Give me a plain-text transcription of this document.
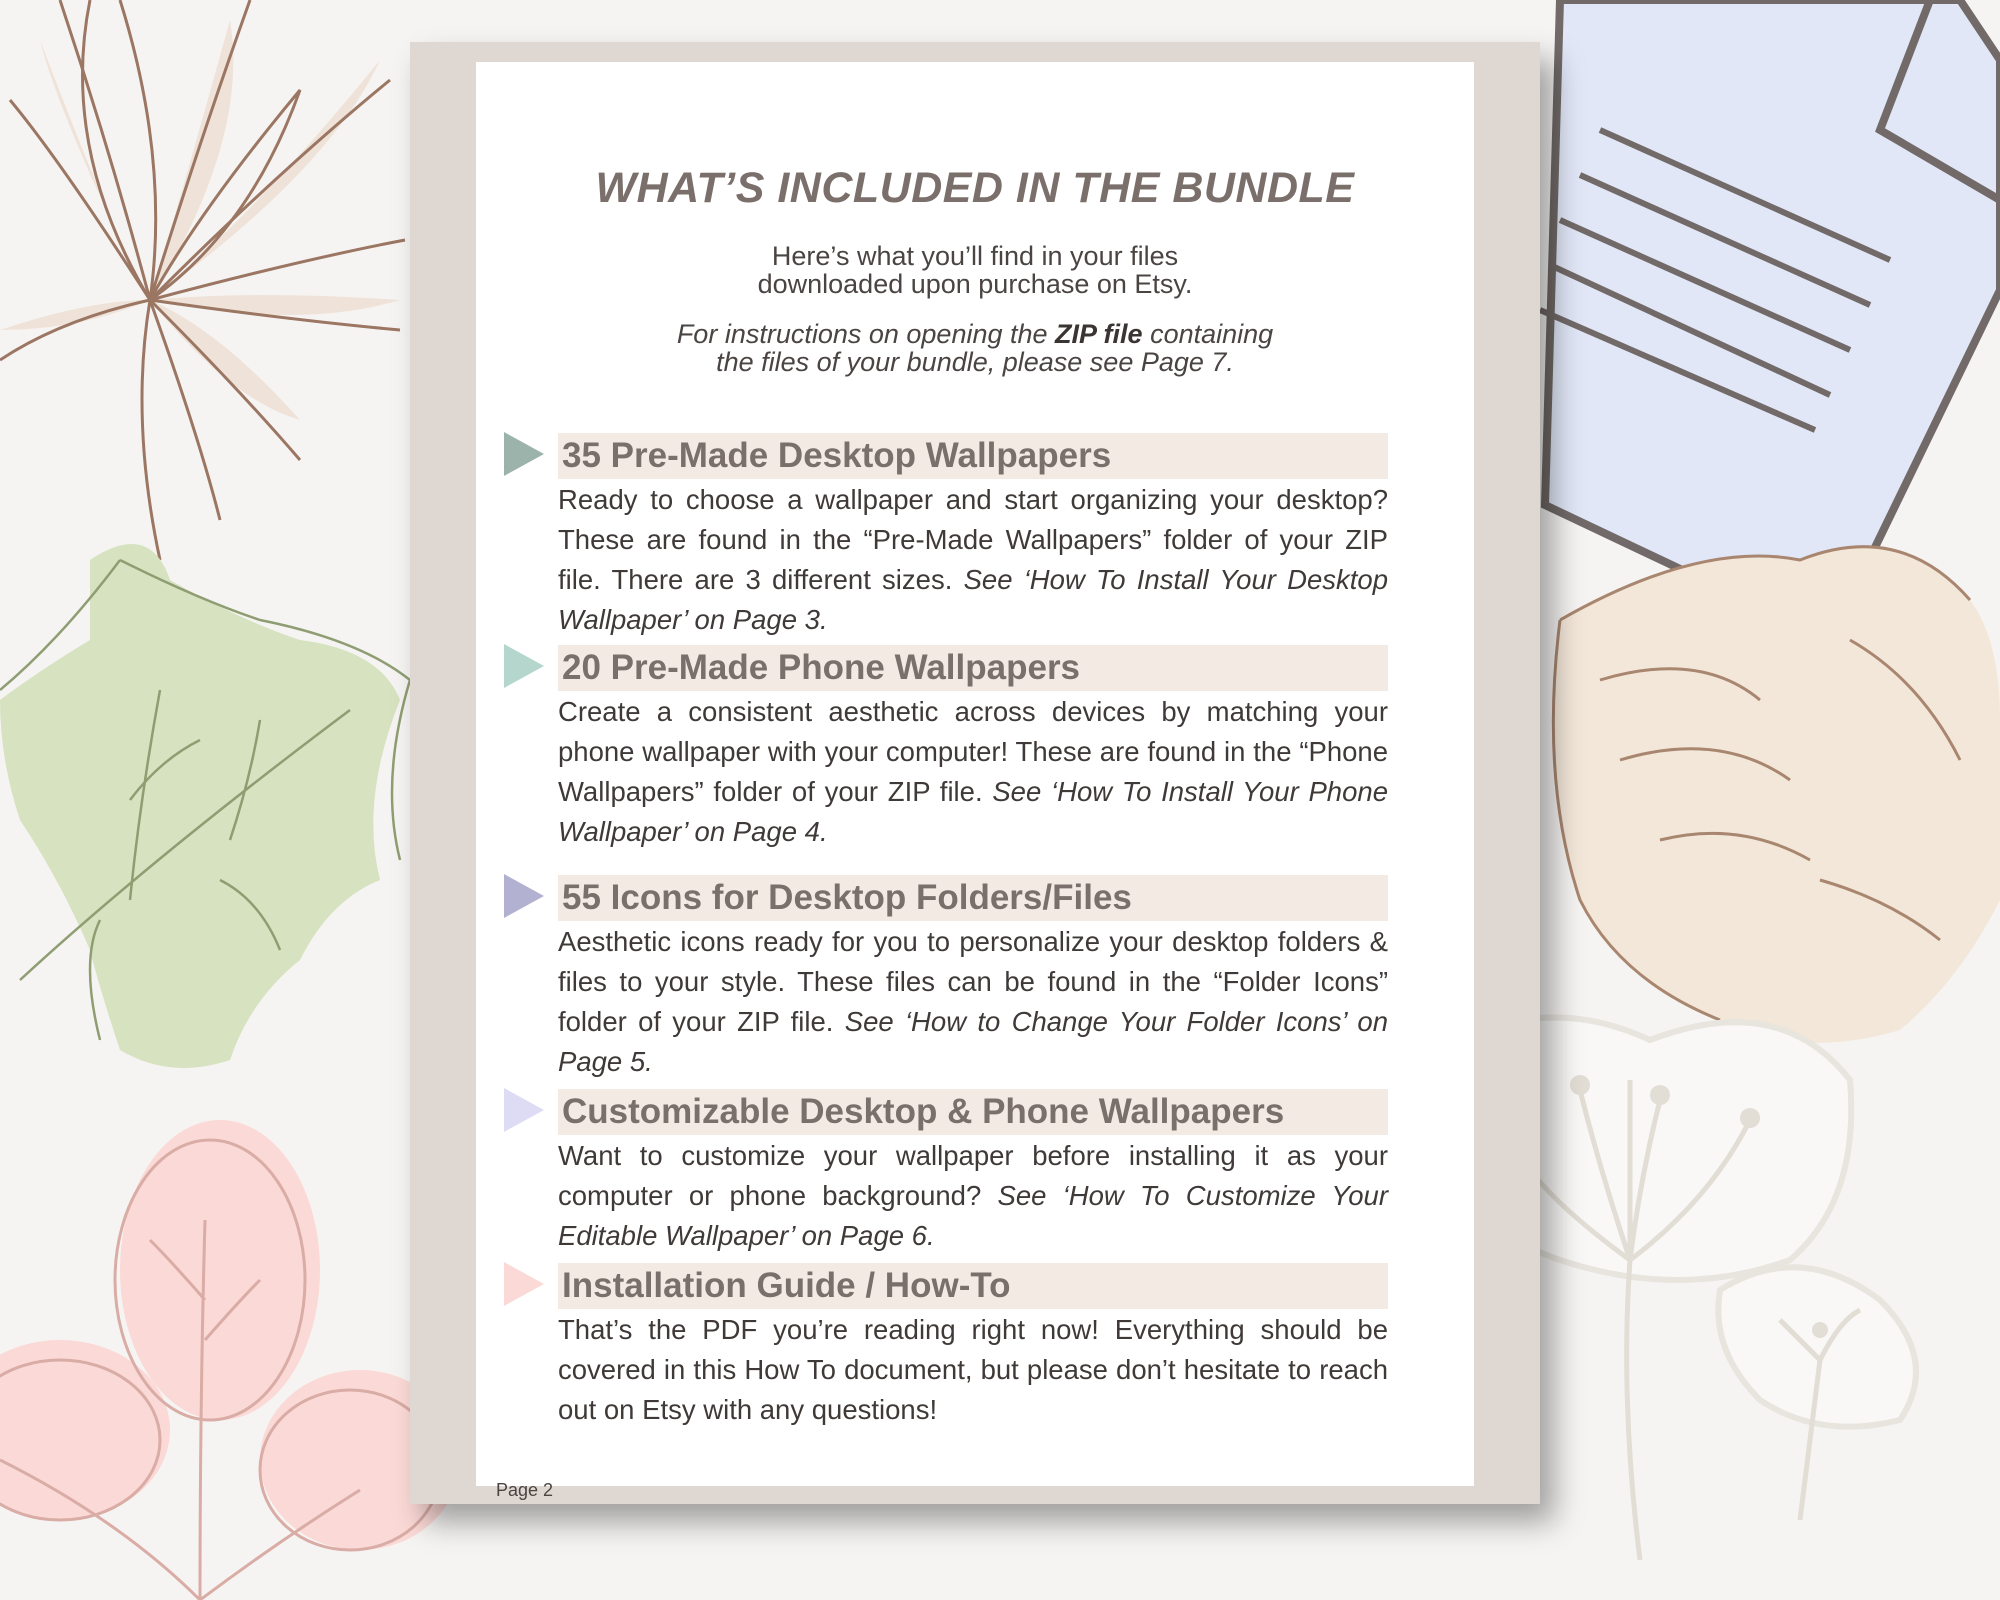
WHAT’S INCLUDED IN THE BUNDLE
Here’s what you’ll find in your files
downloaded upon purchase on Etsy.
For instructions on opening the ZIP file containing
the files of your bundle, please see Page 7.
35 Pre-Made Desktop Wallpapers
Ready to choose a wallpaper and start organizing your desktop? These are found in the “Pre-Made Wallpapers” folder of your ZIP file. There are 3 different sizes. See ‘How To Install Your Desktop Wallpaper’ on Page 3.
20 Pre-Made Phone Wallpapers
Create a consistent aesthetic across devices by matching your phone wallpaper with your computer! These are found in the “Phone Wallpapers” folder of your ZIP file. See ‘How To Install Your Phone Wallpaper’ on Page 4.
55 Icons for Desktop Folders/Files
Aesthetic icons ready for you to personalize your desktop folders & files to your style. These files can be found in the “Folder Icons” folder of your ZIP file. See ‘How to Change Your Folder Icons’ on Page 5.
Customizable Desktop & Phone Wallpapers
Want to customize your wallpaper before installing it as your computer or phone background? See ‘How To Customize Your Editable Wallpaper’ on Page 6.
Installation Guide / How-To
That’s the PDF you’re reading right now! Everything should be covered in this How To document, but please don’t hesitate to reach out on Etsy with any questions!
Page 2
